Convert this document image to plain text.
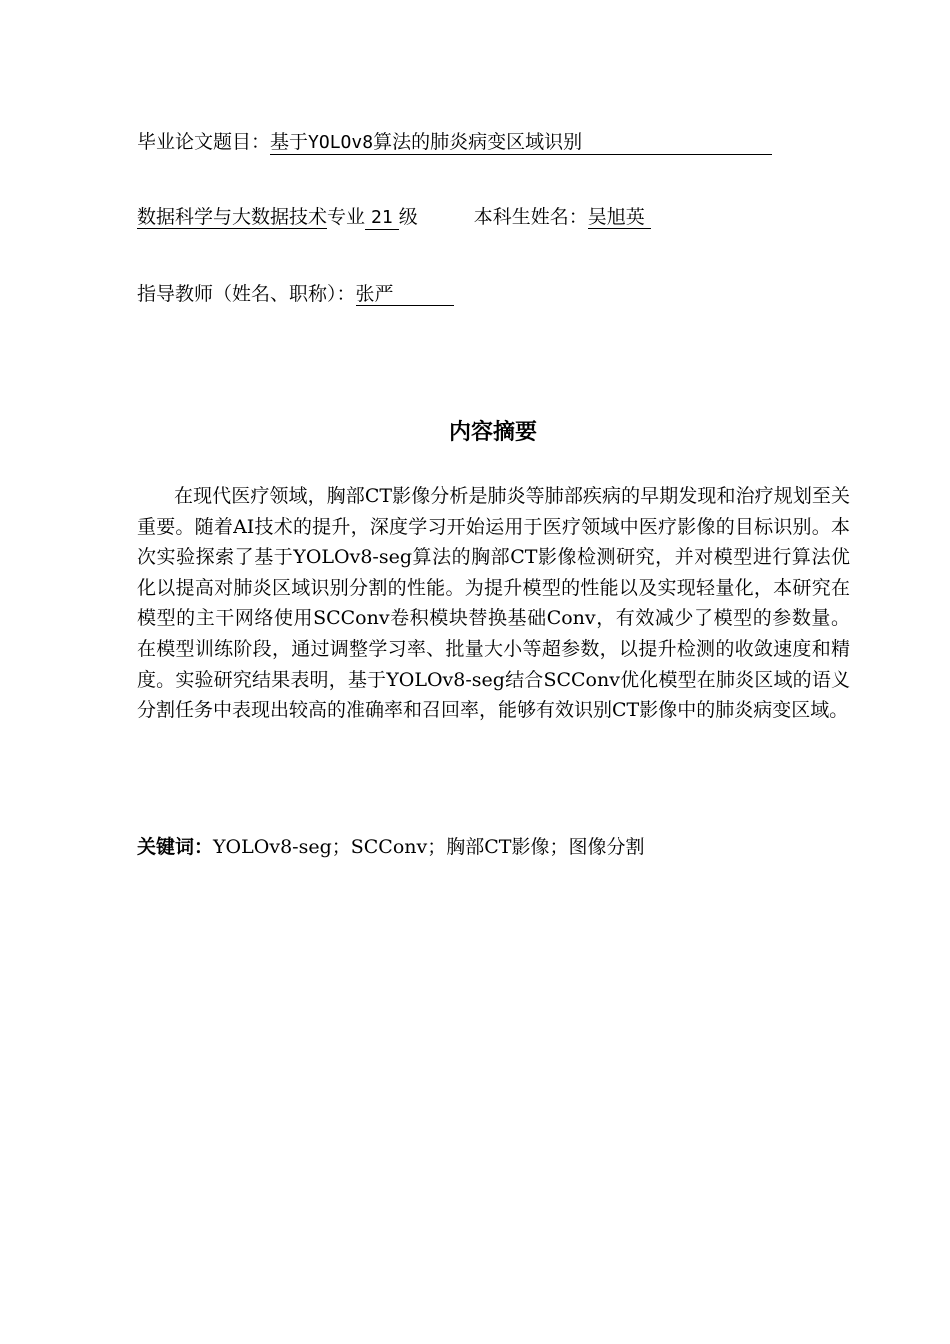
毕业论文题目：基于YOLOv8算法的肺炎病变区域识别
数据科学与大数据技术专业 21 级	本科生姓名：吴旭英
指导教师（姓名、职称）：张严
内容摘要

在现代医疗领域，胸部CT影像分析是肺炎等肺部疾病的早期发现和治疗规划至关重要。随着AI技术的提升，深度学习开始运用于医疗领域中医疗影像的目标识别。本次实验探索了基于YOLOv8-seg算法的胸部CT影像检测研究，并对模型进行算法优化以提高对肺炎区域识别分割的性能。为提升模型的性能以及实现轻量化，本研究在模型的主干网络使用SCConv卷积模块替换基础Conv，有效减少了模型的参数量。在模型训练阶段，通过调整学习率、批量大小等超参数，以提升检测的收敛速度和精度。实验研究结果表明，基于YOLOv8-seg结合SCConv优化模型在肺炎区域的语义分割任务中表现出较高的准确率和召回率，能够有效识别CT影像中的肺炎病变区域。

关键词：YOLOv8-seg；SCConv；胸部CT影像；图像分割
